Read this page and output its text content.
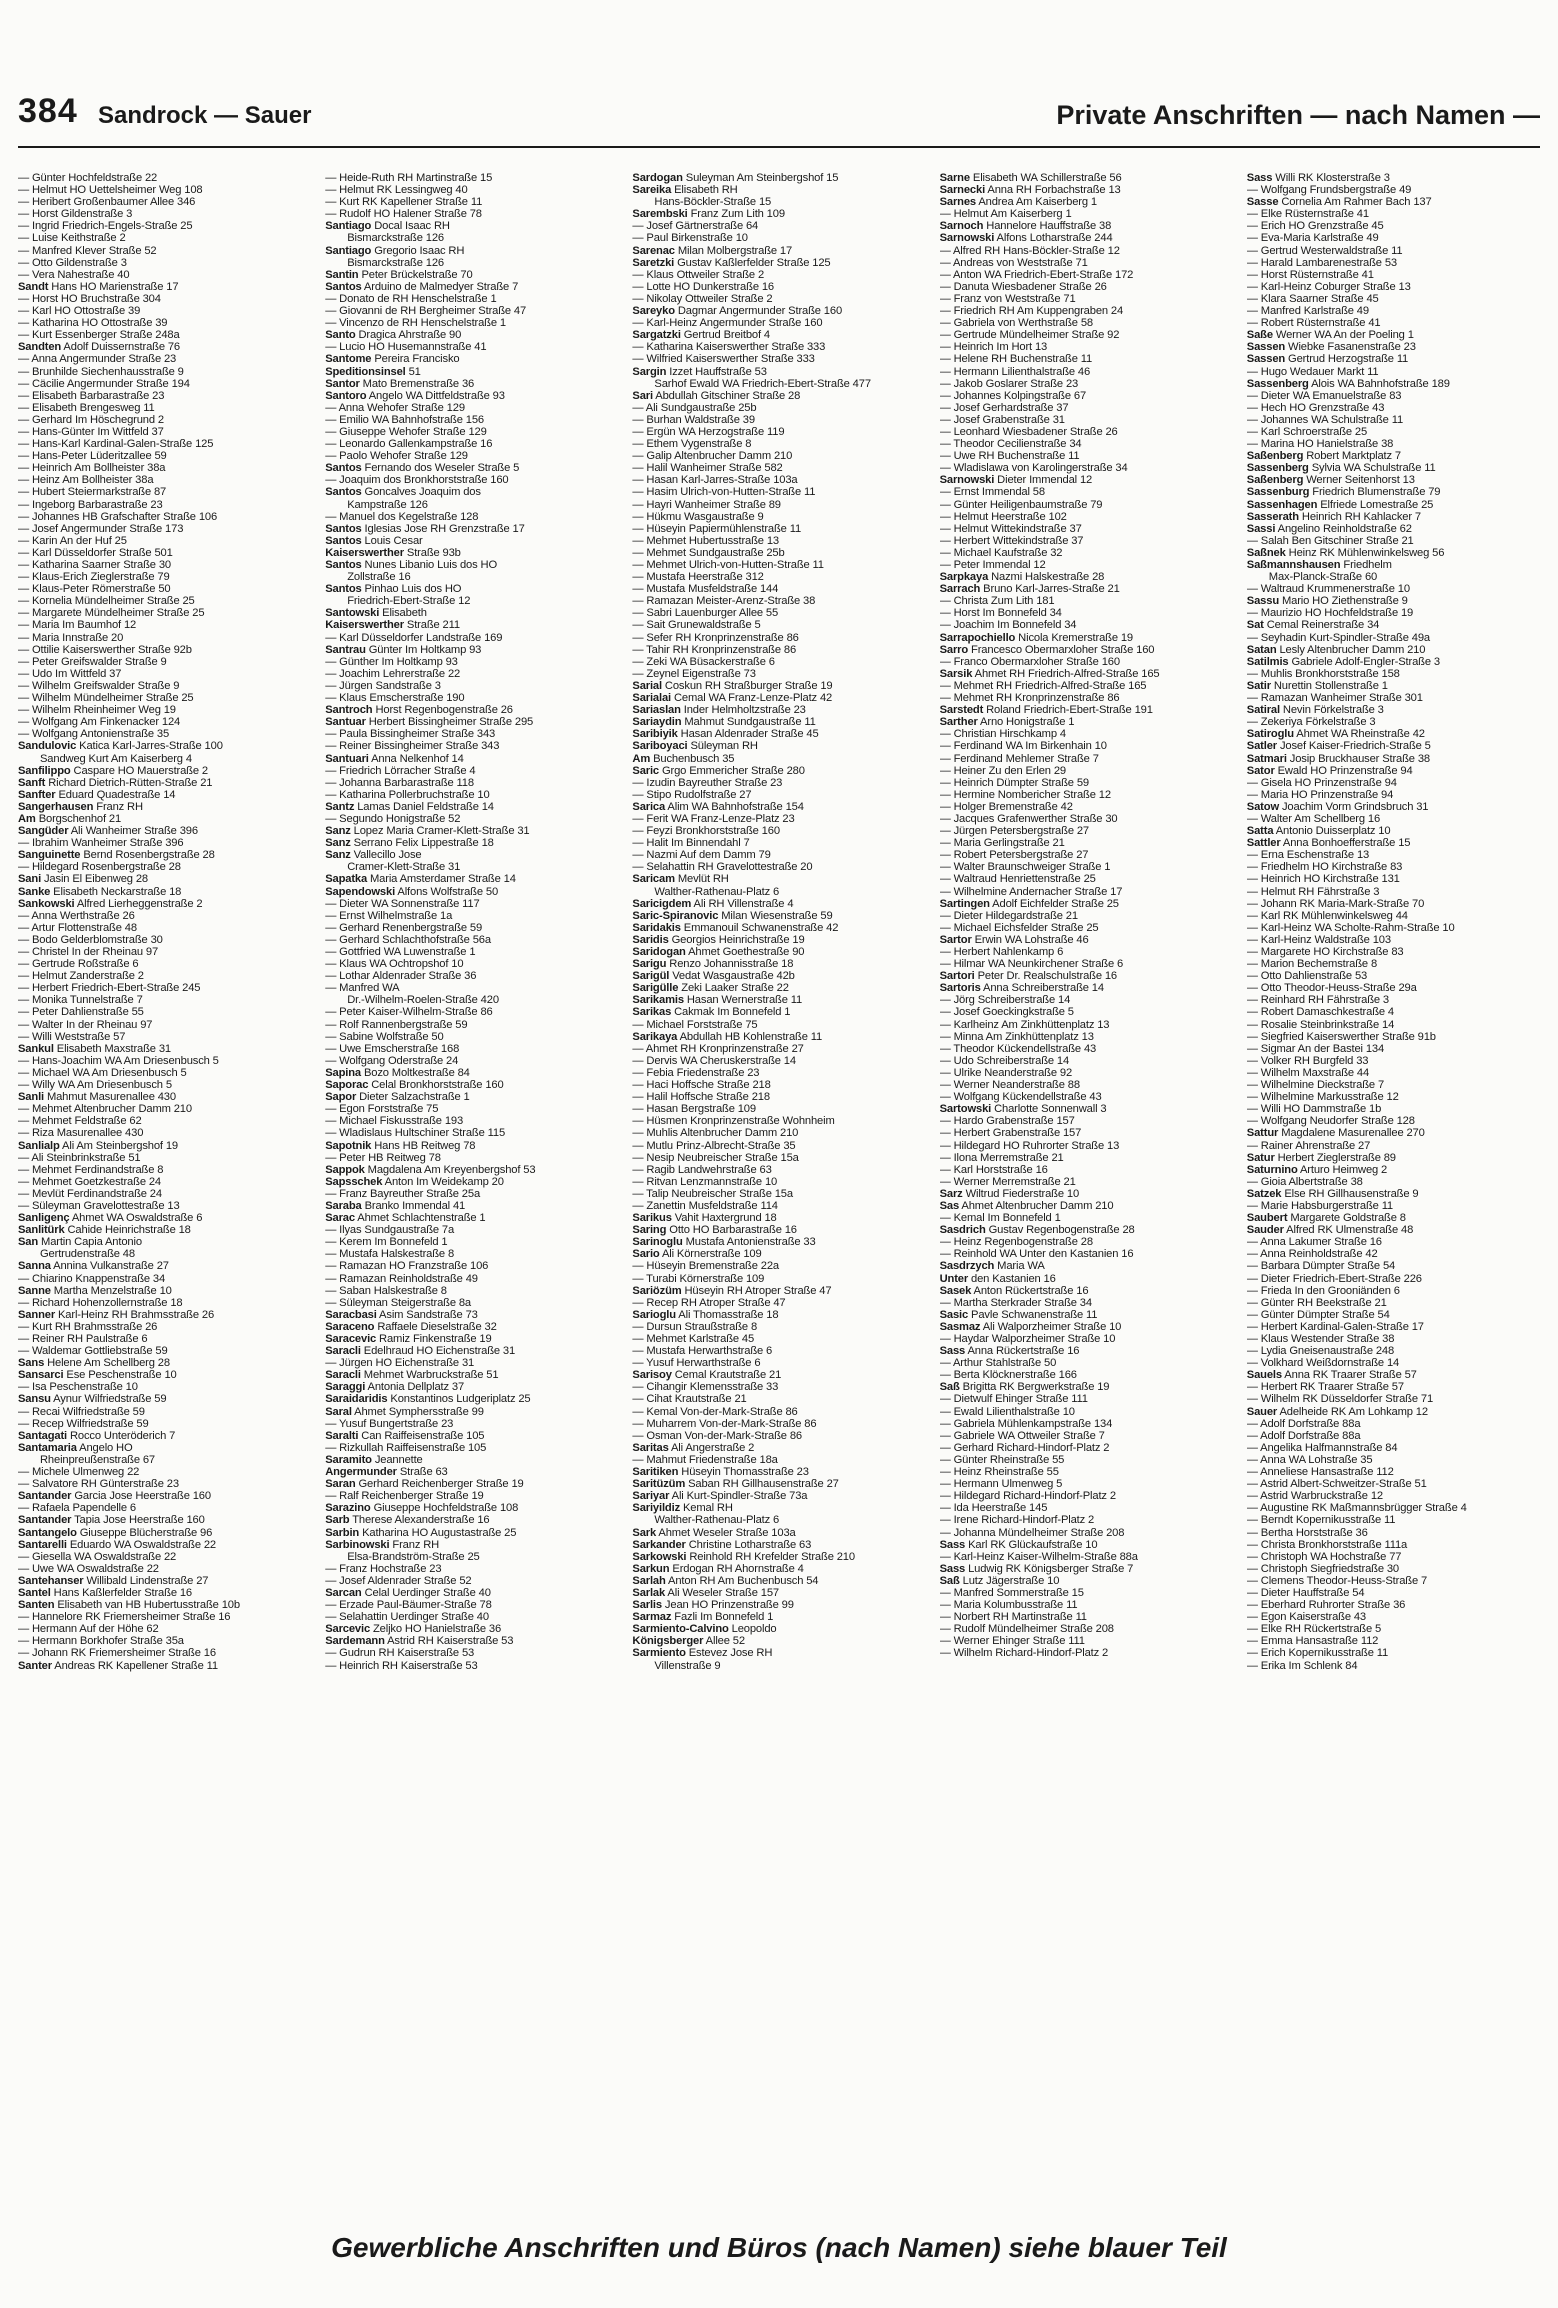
384 Sandrock — Sauer	Private Anschriften — nach Namen —
— Günter Hochfeldstraße 22
— Helmut HO Uettelsheimer Weg 108
— Heribert Großenbaumer Allee 346
— Horst Gildenstraße 3
— Ingrid Friedrich-Engels-Straße 25
— Luise Keithstraße 2
— Manfred Klever Straße 52
— Otto Gildenstraße 3
— Vera Nahestraße 40
Sandt Hans HO Marienstraße 17
— Horst HO Bruchstraße 304
— Karl HO Ottostraße 39
— Katharina HO Ottostraße 39
— Kurt Essenberger Straße 248a
Sandten Adolf Duissernstraße 76
— Anna Angermunder Straße 23
— Brunhilde Siechenhausstraße 9
— Cäcilie Angermunder Straße 194
— Elisabeth Barbarastraße 23
— Elisabeth Brengesweg 11
— Gerhard Im Höschegrund 2
— Hans-Günter Im Wittfeld 37
— Hans-Karl Kardinal-Galen-Straße 125
— Hans-Peter Lüderitzallee 59
— Heinrich Am Bollheister 38a
— Heinz Am Bollheister 38a
— Hubert Steiermarkstraße 87
— Ingeborg Barbarastraße 23
— Johannes HB Grafschafter Straße 106
— Josef Angermunder Straße 173
— Karin An der Huf 25
— Karl Düsseldorfer Straße 501
— Katharina Saarner Straße 30
— Klaus-Erich Zieglerstraße 79
— Klaus-Peter Römerstraße 50
— Kornelia Mündelheimer Straße 25
— Margarete Mündelheimer Straße 25
— Maria Im Baumhof 12
— Maria Innstraße 20
— Ottilie Kaiserswerther Straße 92b
— Peter Greifswalder Straße 9
— Udo Im Wittfeld 37
— Wilhelm Greifswalder Straße 9
— Wilhelm Mündelheimer Straße 25
— Wilhelm Rheinheimer Weg 19
— Wolfgang Am Finkenacker 124
— Wolfgang Antonienstraße 35
Sandulovic Katica Karl-Jarres-Straße 100
Sandweg Kurt Am Kaiserberg 4
Sanfilippo Caspare HO Mauerstraße 2
Sanft Richard Dietrich-Rütten-Straße 21
Sanfter Eduard Quadestraße 14
Sangerhausen Franz RH
Am Borgschenhof 21
Sangüder Ali Wanheimer Straße 396
— Ibrahim Wanheimer Straße 396
Sanguinette Bernd Rosenbergstraße 28
— Hildegard Rosenbergstraße 28
Sani Jasin El Eibenweg 28
Sanke Elisabeth Neckarstraße 18
Sankowski Alfred Lierheggenstraße 2
— Anna Werthstraße 26
— Artur Flottenstraße 48
— Bodo Gelderblomstraße 30
— Christel In der Rheinau 97
— Gertrude Roßstraße 6
— Helmut Zanderstraße 2
— Herbert Friedrich-Ebert-Straße 245
— Monika Tunnelstraße 7
— Peter Dahlienstraße 55
— Walter In der Rheinau 97
— Willi Weststraße 57
Sankul Elisabeth Maxstraße 31
— Hans-Joachim WA Am Driesenbusch 5
— Michael WA Am Driesenbusch 5
— Willy WA Am Driesenbusch 5
Sanli Mahmut Masurenallee 430
— Mehmet Altenbrucher Damm 210
— Mehmet Feldstraße 62
— Riza Masurenallee 430
Sanlialp Ali Am Steinbergshof 19
— Ali Steinbrinkstraße 51
— Mehmet Ferdinandstraße 8
— Mehmet Goetzkestraße 24
— Mevlüt Ferdinandstraße 24
— Süleyman Gravelottestraße 13
Sanligenç Ahmet WA Oswaldstraße 6
Sanlitürk Cahide Heinrichstraße 18
San Martin Capia Antonio
Gertrudenstraße 48
Sanna Annina Vulkanstraße 27
— Chiarino Knappenstraße 34
Sanne Martha Menzelstraße 10
— Richard Hohenzollernstraße 18
Sanner Karl-Heinz RH Brahmsstraße 26
— Kurt RH Brahmsstraße 26
— Reiner RH Paulstraße 6
— Waldemar Gottliebstraße 59
Sans Helene Am Schellberg 28
Sansarci Ese Peschenstraße 10
— Isa Peschenstraße 10
Sansu Aynur Wilfriedstraße 59
— Recai Wilfriedstraße 59
— Recep Wilfriedstraße 59
Santagati Rocco Unteröderich 7
Santamaria Angelo HO
Rheinpreußenstraße 67
— Michele Ulmenweg 22
— Salvatore RH Günterstraße 23
Santander Garcia Jose Heerstraße 160
— Rafaela Papendelle 6
Santander Tapia Jose Heerstraße 160
Santangelo Giuseppe Blücherstraße 96
Santarelli Eduardo WA Oswaldstraße 22
— Giesella WA Oswaldstraße 22
— Uwe WA Oswaldstraße 22
Santehanser Willibald Lindenstraße 27
Santel Hans Kaßlerfelder Straße 16
Santen Elisabeth van HB Hubertusstraße 10b
— Hannelore RK Friemersheimer Straße 16
— Hermann Auf der Höhe 62
— Hermann Borkhofer Straße 35a
— Johann RK Friemersheimer Straße 16
Santer Andreas RK Kapellener Straße 11
— Heide-Ruth RH Martinstraße 15
— Helmut RK Lessingweg 40
— Kurt RK Kapellener Straße 11
— Rudolf HO Halener Straße 78
Santiago Docal Isaac RH
Bismarckstraße 126
Santiago Gregorio Isaac RH
Bismarckstraße 126
Santin Peter Brückelstraße 70
Santos Arduino de Malmedyer Straße 7
— Donato de RH Henschelstraße 1
— Giovanni de RH Bergheimer Straße 47
— Vincenzo de RH Henschelstraße 1
Santo Dragica Ahrstraße 90
— Lucio HO Husemannstraße 41
Santome Pereira Francisko
Speditionsinsel 51
Santor Mato Bremenstraße 36
Santoro Angelo WA Dittfeldstraße 93
— Anna Wehofer Straße 129
— Emilio WA Bahnhofstraße 156
— Giuseppe Wehofer Straße 129
— Leonardo Gallenkampstraße 16
— Paolo Wehofer Straße 129
Santos Fernando dos Weseler Straße 5
— Joaquim dos Bronkhorststraße 160
Santos Goncalves Joaquim dos
Kampstraße 126
— Manuel dos Kegelstraße 128
Santos Iglesias Jose RH Grenzstraße 17
Santos Louis Cesar
Kaiserswerther Straße 93b
Santos Nunes Libanio Luis dos HO
Zollstraße 16
Santos Pinhao Luis dos HO
Friedrich-Ebert-Straße 12
Santowski Elisabeth
Kaiserswerther Straße 211
— Karl Düsseldorfer Landstraße 169
Santrau Günter Im Holtkamp 93
— Günther Im Holtkamp 93
— Joachim Lehrerstraße 22
— Jürgen Sandstraße 3
— Klaus Emscherstraße 190
Santroch Horst Regenbogenstraße 26
Santuar Herbert Bissingheimer Straße 295
— Paula Bissingheimer Straße 343
— Reiner Bissingheimer Straße 343
Santuari Anna Nelkenhof 14
— Friedrich Lörracher Straße 4
— Johanna Barbarastraße 118
— Katharina Pollerbruchstraße 10
Santz Lamas Daniel Feldstraße 14
— Segundo Honigstraße 52
Sanz Lopez Maria Cramer-Klett-Straße 31
Sanz Serrano Felix Lippestraße 18
Sanz Vallecillo Jose
Cramer-Klett-Straße 31
Sapatka Maria Amsterdamer Straße 14
Sapendowski Alfons Wolfstraße 50
— Dieter WA Sonnenstraße 117
— Ernst Wilhelmstraße 1a
— Gerhard Renenbergstraße 59
— Gerhard Schlachthofstraße 56a
— Gottfried WA Luwenstraße 1
— Klaus WA Ochtropshof 10
— Lothar Aldenrader Straße 36
— Manfred WA
Dr.-Wilhelm-Roelen-Straße 420
— Peter Kaiser-Wilhelm-Straße 86
— Rolf Rannenbergstraße 59
— Sabine Wolfstraße 50
— Uwe Emscherstraße 168
— Wolfgang Oderstraße 24
Sapina Bozo Moltkestraße 84
Saporac Celal Bronkhorststraße 160
Sapor Dieter Salzachstraße 1
— Egon Forststraße 75
— Michael Fiskusstraße 193
— Wladislaus Hultschiner Straße 115
Sapotnik Hans HB Reitweg 78
— Peter HB Reitweg 78
Sappok Magdalena Am Kreyenbergshof 53
Sapsschek Anton Im Weidekamp 20
— Franz Bayreuther Straße 25a
Saraba Branko Immendal 41
Sarac Ahmet Schlachtenstraße 1
— Ilyas Sundgaustraße 7a
— Kerem Im Bonnefeld 1
— Mustafa Halskestraße 8
— Ramazan HO Franzstraße 106
— Ramazan Reinholdstraße 49
— Saban Halskestraße 8
— Süleyman Steigerstraße 8a
Saracbasi Asim Sandstraße 73
Saraceno Raffaele Dieselstraße 32
Saracevic Ramiz Finkenstraße 19
Saracli Edelhraud HO Eichenstraße 31
— Jürgen HO Eichenstraße 31
Saracli Mehmet Warbruckstraße 51
Saraggi Antonia Dellplatz 37
Saraidaridis Konstantinos Ludgeriplatz 25
Saral Ahmet Symphersstraße 99
— Yusuf Bungertstraße 23
Saralti Can Raiffeisenstraße 105
— Rizkullah Raiffeisenstraße 105
Saramito Jeannette
Angermunder Straße 63
Saran Gerhard Reichenberger Straße 19
— Ralf Reichenberger Straße 19
Sarazino Giuseppe Hochfeldstraße 108
Sarb Therese Alexanderstraße 16
Sarbin Katharina HO Augustastraße 25
Sarbinowski Franz RH
Elsa-Brandström-Straße 25
— Franz Hochstraße 23
— Josef Aldenrader Straße 52
Sarcan Celal Uerdinger Straße 40
— Erzade Paul-Bäumer-Straße 78
— Selahattin Uerdinger Straße 40
Sarcevic Zeljko HO Hanielstraße 36
Sardemann Astrid RH Kaiserstraße 53
— Gudrun RH Kaiserstraße 53
— Heinrich RH Kaiserstraße 53
Sardogan Suleyman Am Steinbergshof 15
Sareika Elisabeth RH
Hans-Böckler-Straße 15
Sarembski Franz Zum Lith 109
— Josef Gärtnerstraße 64
— Paul Birkenstraße 10
Sarenac Milan Molbergstraße 17
Saretzki Gustav Kaßlerfelder Straße 125
— Klaus Ottweiler Straße 2
— Lotte HO Dunkerstraße 16
— Nikolay Ottweiler Straße 2
Sareyko Dagmar Angermunder Straße 160
— Karl-Heinz Angermunder Straße 160
Sargatzki Gertrud Breitbof 4
— Katharina Kaiserswerther Straße 333
— Wilfried Kaiserswerther Straße 333
Sargin Izzet Hauffstraße 53
Sarhof Ewald WA Friedrich-Ebert-Straße 477
Sari Abdullah Gitschiner Straße 28
— Ali Sundgaustraße 25b
— Burhan Waldstraße 39
— Ergün WA Herzogstraße 119
— Ethem Vygenstraße 8
— Galip Altenbrucher Damm 210
— Halil Wanheimer Straße 582
— Hasan Karl-Jarres-Straße 103a
— Hasim Ulrich-von-Hutten-Straße 11
— Hayri Wanheimer Straße 89
— Hükmu Wasgaustraße 9
— Hüseyin Papiermühlenstraße 11
— Mehmet Hubertusstraße 13
— Mehmet Sundgaustraße 25b
— Mehmet Ulrich-von-Hutten-Straße 11
— Mustafa Heerstraße 312
— Mustafa Musfeldstraße 144
— Ramazan Meister-Arenz-Straße 38
— Sabri Lauenburger Allee 55
— Sait Grunewaldstraße 5
— Sefer RH Kronprinzenstraße 86
— Tahir RH Kronprinzenstraße 86
— Zeki WA Büsackerstraße 6
— Zeynel Eigenstraße 73
Sarial Coskun RH Straßburger Straße 19
Sarialai Cemal WA Franz-Lenze-Platz 42
Sariaslan Inder Helmholtzstraße 23
Sariaydin Mahmut Sundgaustraße 11
Saribiyik Hasan Aldenrader Straße 45
Sariboyaci Süleyman RH
Am Buchenbusch 35
Saric Grgo Emmericher Straße 280
— Izudin Bayreuther Straße 23
— Stipo Rudolfstraße 27
Sarica Alim WA Bahnhofstraße 154
— Ferit WA Franz-Lenze-Platz 23
— Feyzi Bronkhorststraße 160
— Halit Im Binnendahl 7
— Nazmi Auf dem Damm 79
— Selahattin RH Gravelottestraße 20
Saricam Mevlüt RH
Walther-Rathenau-Platz 6
Saricigdem Ali RH Villenstraße 4
Saric-Spiranovic Milan Wiesenstraße 59
Saridakis Emmanouil Schwanenstraße 42
Saridis Georgios Heinrichstraße 19
Saridogan Ahmet Goethestraße 90
Sarigu Renzo Johannisstraße 18
Sarigül Vedat Wasgaustraße 42b
Sarigülle Zeki Laaker Straße 22
Sarikamis Hasan Wernerstraße 11
Sarikas Cakmak Im Bonnefeld 1
— Michael Forststraße 75
Sarikaya Abdullah HB Kohlenstraße 11
— Ahmet RH Kronprinzenstraße 27
— Dervis WA Cheruskerstraße 14
— Febia Friedenstraße 23
— Haci Hoffsche Straße 218
— Halil Hoffsche Straße 218
— Hasan Bergstraße 109
— Hüsmen Kronprinzenstraße Wohnheim
— Muhlis Altenbrucher Damm 210
— Mutlu Prinz-Albrecht-Straße 35
— Nesip Neubreischer Straße 15a
— Ragib Landwehrstraße 63
— Ritvan Lenzmannstraße 10
— Talip Neubreischer Straße 15a
— Zanettin Musfeldstraße 114
Sarikus Vahit Haxtergrund 18
Saring Otto HO Barbarastraße 16
Sarinoglu Mustafa Antonienstraße 33
Sario Ali Körnerstraße 109
— Hüseyin Bremenstraße 22a
— Turabi Körnerstraße 109
Sariözüm Hüseyin RH Atroper Straße 47
— Recep RH Atroper Straße 47
Sarioglu Ali Thomasstraße 18
— Dursun Straußstraße 8
— Mehmet Karlstraße 45
— Mustafa Herwarthstraße 6
— Yusuf Herwarthstraße 6
Sarisoy Cemal Krautstraße 21
— Cihangir Klemensstraße 33
— Cihat Krautstraße 21
— Kemal Von-der-Mark-Straße 86
— Muharrem Von-der-Mark-Straße 86
— Osman Von-der-Mark-Straße 86
Saritas Ali Angerstraße 2
— Mahmut Friedenstraße 18a
Saritiken Hüseyin Thomasstraße 23
Saritüzüm Saban RH Gillhausenstraße 27
Sariyar Ali Kurt-Spindler-Straße 73a
Sariyildiz Kemal RH
Walther-Rathenau-Platz 6
Sark Ahmet Weseler Straße 103a
Sarkander Christine Lotharstraße 63
Sarkowski Reinhold RH Krefelder Straße 210
Sarkun Erdogan RH Ahornstraße 4
Sarlah Anton RH Am Buchenbusch 54
Sarlak Ali Weseler Straße 157
Sarlis Jean HO Prinzenstraße 99
Sarmaz Fazli Im Bonnefeld 1
Sarmiento-Calvino Leopoldo
Königsberger Allee 52
Sarmiento Estevez Jose RH
Villenstraße 9
Sarne Elisabeth WA Schillerstraße 56
Sarnecki Anna RH Forbachstraße 13
Sarnes Andrea Am Kaiserberg 1
— Helmut Am Kaiserberg 1
Sarnoch Hannelore Hauffstraße 38
Sarnowski Alfons Lotharstraße 244
— Alfred RH Hans-Böckler-Straße 12
— Andreas von Weststraße 71
— Anton WA Friedrich-Ebert-Straße 172
— Danuta Wiesbadener Straße 26
— Franz von Weststraße 71
— Friedrich RH Am Kuppengraben 24
— Gabriela von Werthstraße 58
— Gertrude Mündelheimer Straße 92
— Heinrich Im Hort 13
— Helene RH Buchenstraße 11
— Hermann Lilienthalstraße 46
— Jakob Goslarer Straße 23
— Johannes Kolpingstraße 67
— Josef Gerhardstraße 37
— Josef Grabenstraße 31
— Leonhard Wiesbadener Straße 26
— Theodor Cecilienstraße 34
— Uwe RH Buchenstraße 11
— Wladislawa von Karolingerstraße 34
Sarnowski Dieter Immendal 12
— Ernst Immendal 58
— Günter Heiligenbaumstraße 79
— Helmut Heerstraße 102
— Helmut Wittekindstraße 37
— Herbert Wittekindstraße 37
— Michael Kaufstraße 32
— Peter Immendal 12
Sarpkaya Nazmi Halskestraße 28
Sarrach Bruno Karl-Jarres-Straße 21
— Christa Zum Lith 181
— Horst Im Bonnefeld 34
— Joachim Im Bonnefeld 34
Sarrapochiello Nicola Kremerstraße 19
Sarro Francesco Obermarxloher Straße 160
— Franco Obermarxloher Straße 160
Sarsik Ahmet RH Friedrich-Alfred-Straße 165
— Mehmet RH Friedrich-Alfred-Straße 165
— Mehmet RH Kronprinzenstraße 86
Sarstedt Roland Friedrich-Ebert-Straße 191
Sarther Arno Honigstraße 1
— Christian Hirschkamp 4
— Ferdinand WA Im Birkenhain 10
— Ferdinand Mehlemer Straße 7
— Heiner Zu den Erlen 29
— Heinrich Dümpter Straße 59
— Hermine Nombericher Straße 12
— Holger Bremenstraße 42
— Jacques Grafenwerther Straße 30
— Jürgen Petersbergstraße 27
— Maria Gerlingstraße 21
— Robert Petersbergstraße 27
— Walter Braunschweiger Straße 1
— Waltraud Henriettenstraße 25
— Wilhelmine Andernacher Straße 17
Sartingen Adolf Eichfelder Straße 25
— Dieter Hildegardstraße 21
— Michael Eichsfelder Straße 25
Sartor Erwin WA Lohstraße 46
— Herbert Nahlenkamp 6
— Hilmar WA Neunkirchener Straße 6
Sartori Peter Dr. Realschulstraße 16
Sartoris Anna Schreiberstraße 14
— Jörg Schreiberstraße 14
— Josef Goeckingkstraße 5
— Karlheinz Am Zinkhüttenplatz 13
— Minna Am Zinkhüttenplatz 13
— Theodor Kückendellstraße 43
— Udo Schreiberstraße 14
— Ulrike Neanderstraße 92
— Werner Neanderstraße 88
— Wolfgang Kückendellstraße 43
Sartowski Charlotte Sonnenwall 3
— Hardo Grabenstraße 157
— Herbert Grabenstraße 157
— Hildegard HO Ruhrorter Straße 13
— Ilona Merremstraße 21
— Karl Horststraße 16
— Werner Merremstraße 21
Sarz Wiltrud Fiederstraße 10
Sas Ahmet Altenbrucher Damm 210
— Kemal Im Bonnefeld 1
Sasdrich Gustav Regenbogenstraße 28
— Heinz Regenbogenstraße 28
— Reinhold WA Unter den Kastanien 16
Sasdrzych Maria WA
Unter den Kastanien 16
Sasek Anton Rückertstraße 16
— Martha Sterkrader Straße 34
Sasic Pavle Schwanenstraße 11
Sasmaz Ali Walporzheimer Straße 10
— Haydar Walporzheimer Straße 10
Sass Anna Rückertstraße 16
— Arthur Stahlstraße 50
— Berta Klöcknerstraße 166
Saß Brigitta RK Bergwerkstraße 19
— Dietwulf Ehinger Straße 111
— Ewald Lilienthalstraße 10
— Gabriela Mühlenkampstraße 134
— Gabriele WA Ottweiler Straße 7
— Gerhard Richard-Hindorf-Platz 2
— Günter Rheinstraße 55
— Heinz Rheinstraße 55
— Hermann Ulmenweg 5
— Hildegard Richard-Hindorf-Platz 2
— Ida Heerstraße 145
— Irene Richard-Hindorf-Platz 2
— Johanna Mündelheimer Straße 208
Sass Karl RK Glückaufstraße 10
— Karl-Heinz Kaiser-Wilhelm-Straße 88a
Sass Ludwig RK Königsberger Straße 7
Saß Lutz Jägerstraße 10
— Manfred Sommerstraße 15
— Maria Kolumbusstraße 11
— Norbert RH Martinstraße 11
— Rudolf Mündelheimer Straße 208
— Werner Ehinger Straße 111
— Wilhelm Richard-Hindorf-Platz 2
Sass Willi RK Klosterstraße 3
— Wolfgang Frundsbergstraße 49
Sasse Cornelia Am Rahmer Bach 137
— Elke Rüsternstraße 41
— Erich HO Grenzstraße 45
— Eva-Maria Karlstraße 49
— Gertrud Westerwaldstraße 11
— Harald Lambarenestraße 53
— Horst Rüsternstraße 41
— Karl-Heinz Coburger Straße 13
— Klara Saarner Straße 45
— Manfred Karlstraße 49
— Robert Rüsternstraße 41
Saße Werner WA An der Poeling 1
Sassen Wiebke Fasanenstraße 23
Sassen Gertrud Herzogstraße 11
— Hugo Wedauer Markt 11
Sassenberg Alois WA Bahnhofstraße 189
— Dieter WA Emanuelstraße 83
— Hech HO Grenzstraße 43
— Johannes WA Schulstraße 11
— Karl Schroerstraße 25
— Marina HO Hanielstraße 38
Saßenberg Robert Marktplatz 7
Sassenberg Sylvia WA Schulstraße 11
Saßenberg Werner Seitenhorst 13
Sassenburg Friedrich Blumenstraße 79
Sassenhagen Elfriede Lomestraße 25
Sasserath Heinrich RH Kahlacker 7
Sassi Angelino Reinholdstraße 62
— Salah Ben Gitschiner Straße 21
Saßnek Heinz RK Mühlenwinkelsweg 56
Saßmannshausen Friedhelm
Max-Planck-Straße 60
— Waltraud Krummenerstraße 10
Sassu Mario HO Ziethenstraße 9
— Maurizio HO Hochfeldstraße 19
Sat Cemal Reinerstraße 34
— Seyhadin Kurt-Spindler-Straße 49a
Satan Lesly Altenbrucher Damm 210
Satilmis Gabriele Adolf-Engler-Straße 3
— Muhlis Bronkhorststraße 158
Satir Nurettin Stollenstraße 1
— Ramazan Wanheimer Straße 301
Satiral Nevin Förkelstraße 3
— Zekeriya Förkelstraße 3
Satiroglu Ahmet WA Rheinstraße 42
Satler Josef Kaiser-Friedrich-Straße 5
Satmari Josip Bruckhauser Straße 38
Sator Ewald HO Prinzenstraße 94
— Gisela HO Prinzenstraße 94
— Maria HO Prinzenstraße 94
Satow Joachim Vorm Grindsbruch 31
— Walter Am Schellberg 16
Satta Antonio Duisserplatz 10
Sattler Anna Bonhoefferstraße 15
— Erna Eschenstraße 13
— Friedhelm HO Kirchstraße 83
— Heinrich HO Kirchstraße 131
— Helmut RH Fährstraße 3
— Johann RK Maria-Mark-Straße 70
— Karl RK Mühlenwinkelsweg 44
— Karl-Heinz WA Scholte-Rahm-Straße 10
— Karl-Heinz Waldstraße 103
— Margarete HO Kirchstraße 83
— Marion Bechemstraße 8
— Otto Dahlienstraße 53
— Otto Theodor-Heuss-Straße 29a
— Reinhard RH Fährstraße 3
— Robert Damaschkestraße 4
— Rosalie Steinbrinkstraße 14
— Siegfried Kaiserswerther Straße 91b
— Sigmar An der Bastei 134
— Volker RH Burgfeld 33
— Wilhelm Maxstraße 44
— Wilhelmine Dieckstraße 7
— Wilhelmine Markusstraße 12
— Willi HO Dammstraße 1b
— Wolfgang Neudorfer Straße 128
Sattur Magdalene Masurenallee 270
— Rainer Ahrenstraße 27
Satur Herbert Zieglerstraße 89
Saturnino Arturo Heimweg 2
— Gioia Albertstraße 38
Satzek Else RH Gillhausenstraße 9
— Marie Habsburgerstraße 11
Saubert Margarete Goldstraße 8
Sauder Alfred RK Ulmenstraße 48
— Anna Lakumer Straße 16
— Anna Reinholdstraße 42
— Barbara Dümpter Straße 54
— Dieter Friedrich-Ebert-Straße 226
— Frieda In den Grooniänden 6
— Günter RH Beekstraße 21
— Günter Dümpter Straße 54
— Herbert Kardinal-Galen-Straße 17
— Klaus Westender Straße 38
— Lydia Gneisenaustraße 248
— Volkhard Weißdornstraße 14
Sauels Anna RK Traarer Straße 57
— Herbert RK Traarer Straße 57
— Wilhelm RK Düsseldorfer Straße 71
Sauer Adelheide RK Am Lohkamp 12
— Adolf Dorfstraße 88a
— Adolf Dorfstraße 88a
— Angelika Halfmannstraße 84
— Anna WA Lohstraße 35
— Anneliese Hansastraße 112
— Astrid Albert-Schweitzer-Straße 51
— Astrid Warbruckstraße 12
— Augustine RK Maßmannsbrügger Straße 4
— Berndt Kopernikusstraße 11
— Bertha Horststraße 36
— Christa Bronkhorststraße 111a
— Christoph WA Hochstraße 77
— Christoph Siegfriedstraße 30
— Clemens Theodor-Heuss-Straße 7
— Dieter Hauffstraße 54
— Eberhard Ruhrorter Straße 36
— Egon Kaiserstraße 43
— Elke RH Rückertstraße 5
— Emma Hansastraße 112
— Erich Kopernikusstraße 11
— Erika Im Schlenk 84
Gewerbliche Anschriften und Büros (nach Namen) siehe blauer Teil
